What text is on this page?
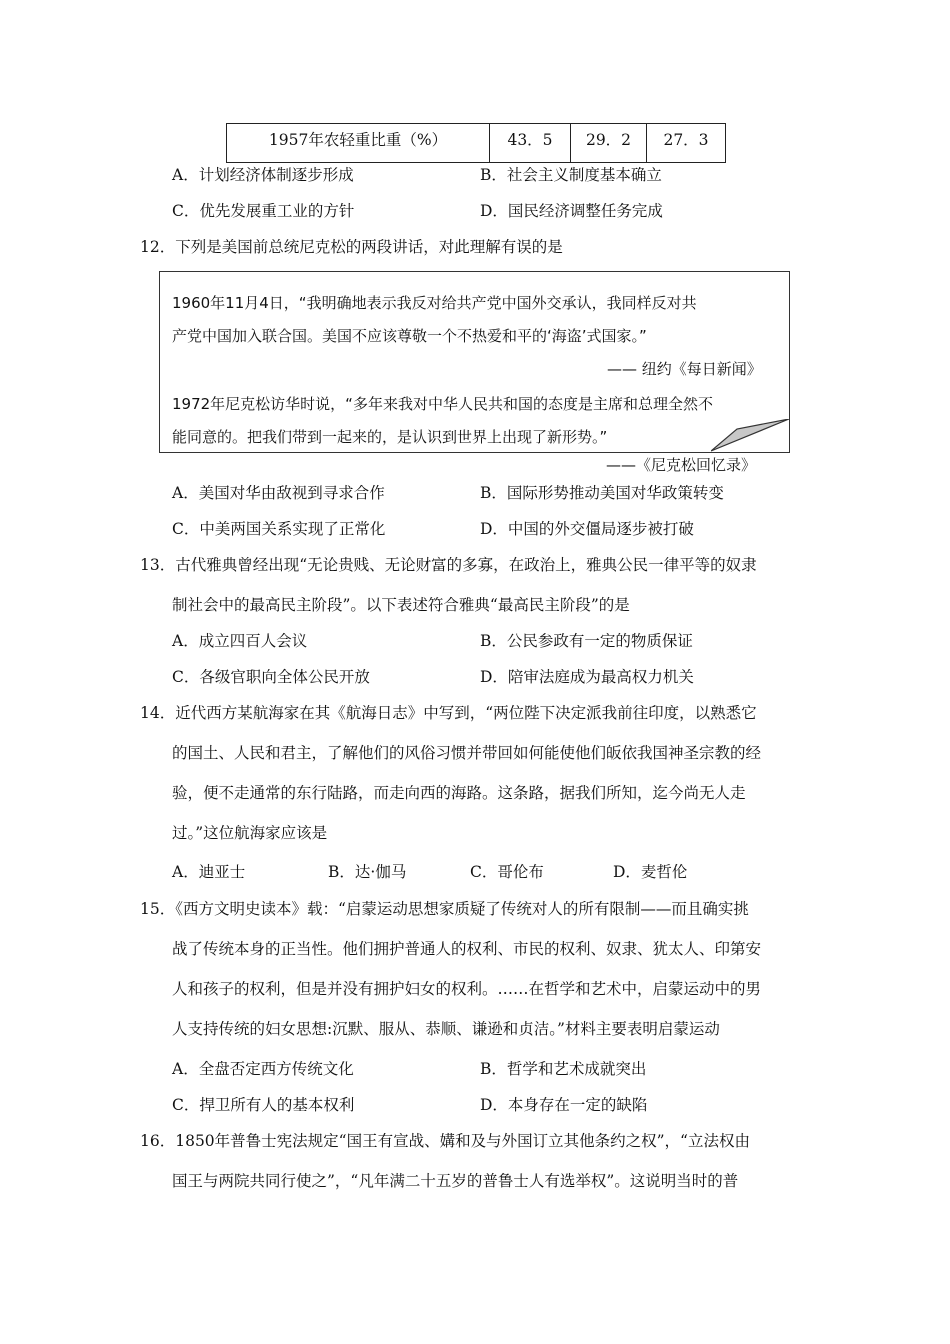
1957年农轻重比重（%）	43．5	29．2	27．3
A．计划经济体制逐步形成	B．社会主义制度基本确立
C．优先发展重工业的方针	D．国民经济调整任务完成
12．下列是美国前总统尼克松的两段讲话，对此理解有误的是
1960年11月4日，“我明确地表示我反对给共产党中国外交承认，我同样反对共
产党中国加入联合国。美国不应该尊敬一个不热爱和平的‘海盗’式国家。”
—— 纽约《每日新闻》
1972年尼克松访华时说，“多年来我对中华人民共和国的态度是主席和总理全然不
能同意的。把我们带到一起来的，是认识到世界上出现了新形势。”
——《尼克松回忆录》
A．美国对华由敌视到寻求合作	B．国际形势推动美国对华政策转变
C．中美两国关系实现了正常化	D．中国的外交僵局逐步被打破
13．古代雅典曾经出现“无论贵贱、无论财富的多寡，在政治上，雅典公民一律平等的奴隶
制社会中的最高民主阶段”。以下表述符合雅典“最高民主阶段”的是
A．成立四百人会议	B．公民参政有一定的物质保证
C．各级官职向全体公民开放	D．陪审法庭成为最高权力机关
14．近代西方某航海家在其《航海日志》中写到，“两位陛下决定派我前往印度，以熟悉它
的国土、人民和君主，了解他们的风俗习惯并带回如何能使他们皈依我国神圣宗教的经
验，便不走通常的东行陆路，而走向西的海路。这条路，据我们所知，迄今尚无人走
过。”这位航海家应该是
A．迪亚士	B．达·伽马	C．哥伦布	D．麦哲伦
15．《西方文明史读本》载：“启蒙运动思想家质疑了传统对人的所有限制——而且确实挑
战了传统本身的正当性。他们拥护普通人的权利、市民的权利、奴隶、犹太人、印第安
人和孩子的权利，但是并没有拥护妇女的权利。……在哲学和艺术中，启蒙运动中的男
人支持传统的妇女思想:沉默、服从、恭顺、谦逊和贞洁。”材料主要表明启蒙运动
A．全盘否定西方传统文化	B．哲学和艺术成就突出
C．捍卫所有人的基本权利	D．本身存在一定的缺陷
16．1850年普鲁士宪法规定“国王有宣战、媾和及与外国订立其他条约之权”，“立法权由
国王与两院共同行使之”，“凡年满二十五岁的普鲁士人有选举权”。这说明当时的普
